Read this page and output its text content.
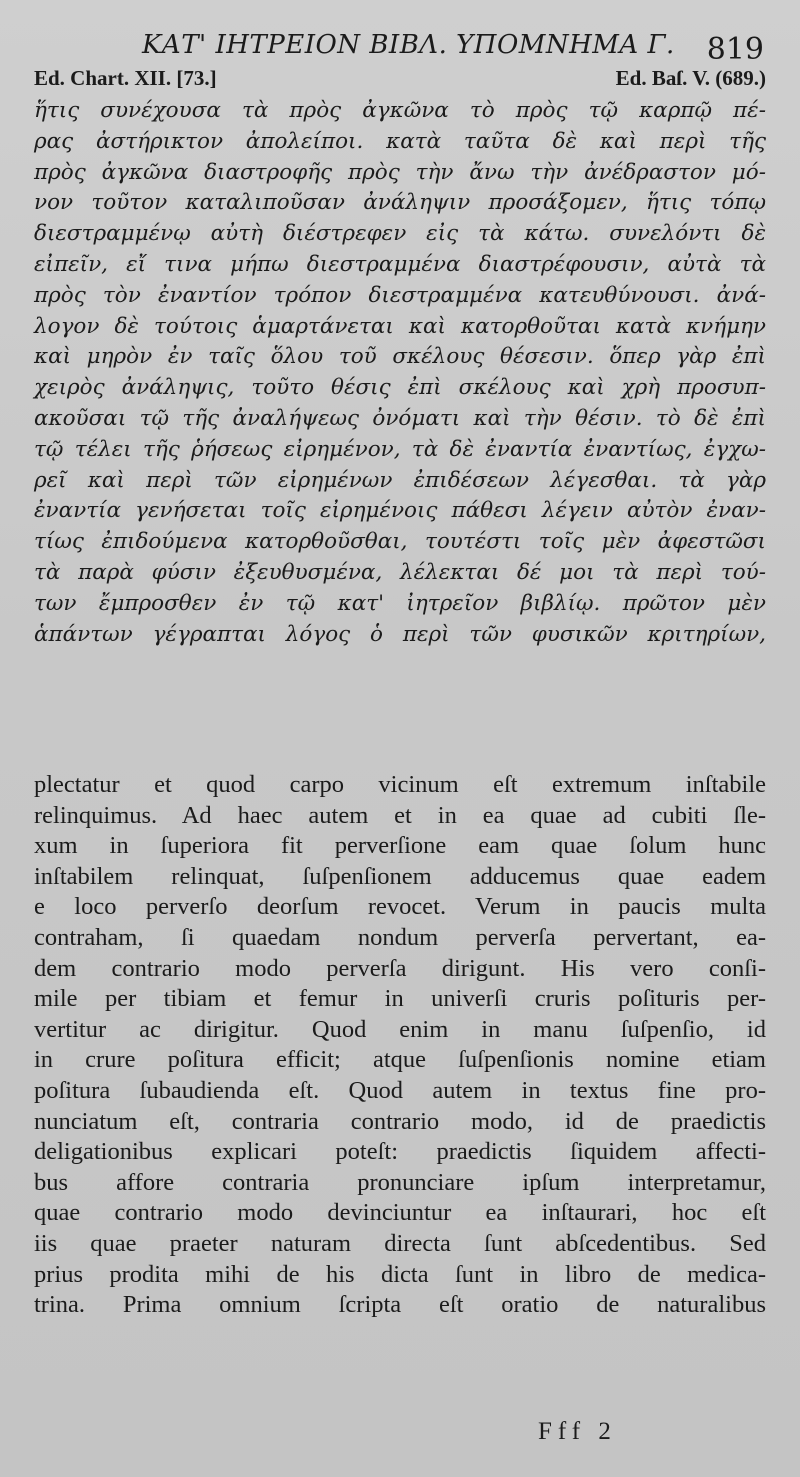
ΚΑΤ' ΙΗΤΡΕΙΟΝ ΒΙΒΛ. ΥΠΟΜΝΗΜΑ Γ. 819
Ed. Chart. XII. [73.]	Ed. Baſ. V. (689.)
ἥτις συνέχουσα τὰ πρὸς ἀγκῶνα τὸ πρὸς τῷ καρπῷ πέ-
ρας ἀστήρικτον ἀπολείποι. κατὰ ταῦτα δὲ καὶ περὶ τῆς
πρὸς ἀγκῶνα διαστροφῆς πρὸς τὴν ἄνω τὴν ἀνέδραστον μό-
νον τοῦτον καταλιποῦσαν ἀνάληψιν προσάξομεν, ἥτις τόπῳ
διεστραμμένῳ αὐτὴ διέστρεφεν εἰς τὰ κάτω. συνελόντι δὲ
εἰπεῖν, εἴ τινα μήπω διεστραμμένα διαστρέφουσιν, αὐτὰ τὰ
πρὸς τὸν ἐναντίον τρόπον διεστραμμένα κατευθύνουσι. ἀνά-
λογον δὲ τούτοις ἁμαρτάνεται καὶ κατορθοῦται κατὰ κνήμην
καὶ μηρὸν ἐν ταῖς ὅλου τοῦ σκέλους θέσεσιν. ὅπερ γὰρ ἐπὶ
χειρὸς ἀνάληψις, τοῦτο θέσις ἐπὶ σκέλους καὶ χρὴ προσυπ-
ακοῦσαι τῷ τῆς ἀναλήψεως ὀνόματι καὶ τὴν θέσιν. τὸ δὲ ἐπὶ
τῷ τέλει τῆς ῥήσεως εἰρημένον, τὰ δὲ ἐναντία ἐναντίως, ἐγχω-
ρεῖ καὶ περὶ τῶν εἰρημένων ἐπιδέσεων λέγεσθαι. τὰ γὰρ
ἐναντία γενήσεται τοῖς εἰρημένοις πάθεσι λέγειν αὐτὸν ἐναν-
τίως ἐπιδούμενα κατορθοῦσθαι, τουτέστι τοῖς μὲν ἀφεστῶσι
τὰ παρὰ φύσιν ἐξευθυσμένα, λέλεκται δέ μοι τὰ περὶ τού-
των ἔμπροσθεν ἐν τῷ κατ' ἰητρεῖον βιβλίῳ. πρῶτον μὲν
ἁπάντων γέγραπται λόγος ὁ περὶ τῶν φυσικῶν κριτηρίων,
plectatur et quod carpo vicinum eſt extremum inſtabile
relinquimus. Ad haec autem et in ea quae ad cubiti ſle-
xum in ſuperiora fit perverſione eam quae ſolum hunc
inſtabilem relinquat, ſuſpenſionem adducemus quae eadem
e loco perverſo deorſum revocet. Verum in paucis multa
contraham, ſi quaedam nondum perverſa pervertant, ea-
dem contrario modo perverſa dirigunt. His vero conſi-
mile per tibiam et femur in univerſi cruris poſituris per-
vertitur ac dirigitur. Quod enim in manu ſuſpenſio, id
in crure poſitura efficit; atque ſuſpenſionis nomine etiam
poſitura ſubaudienda eſt. Quod autem in textus fine pro-
nunciatum eſt, contraria contrario modo, id de praedictis
deligationibus explicari poteſt: praedictis ſiquidem affecti-
bus affore contraria pronunciare ipſum interpretamur,
quae contrario modo devinciuntur ea inſtaurari, hoc eſt
iis quae praeter naturam directa ſunt abſcedentibus. Sed
prius prodita mihi de his dicta ſunt in libro de medica-
trina. Prima omnium ſcripta eſt oratio de naturalibus
Fff 2
